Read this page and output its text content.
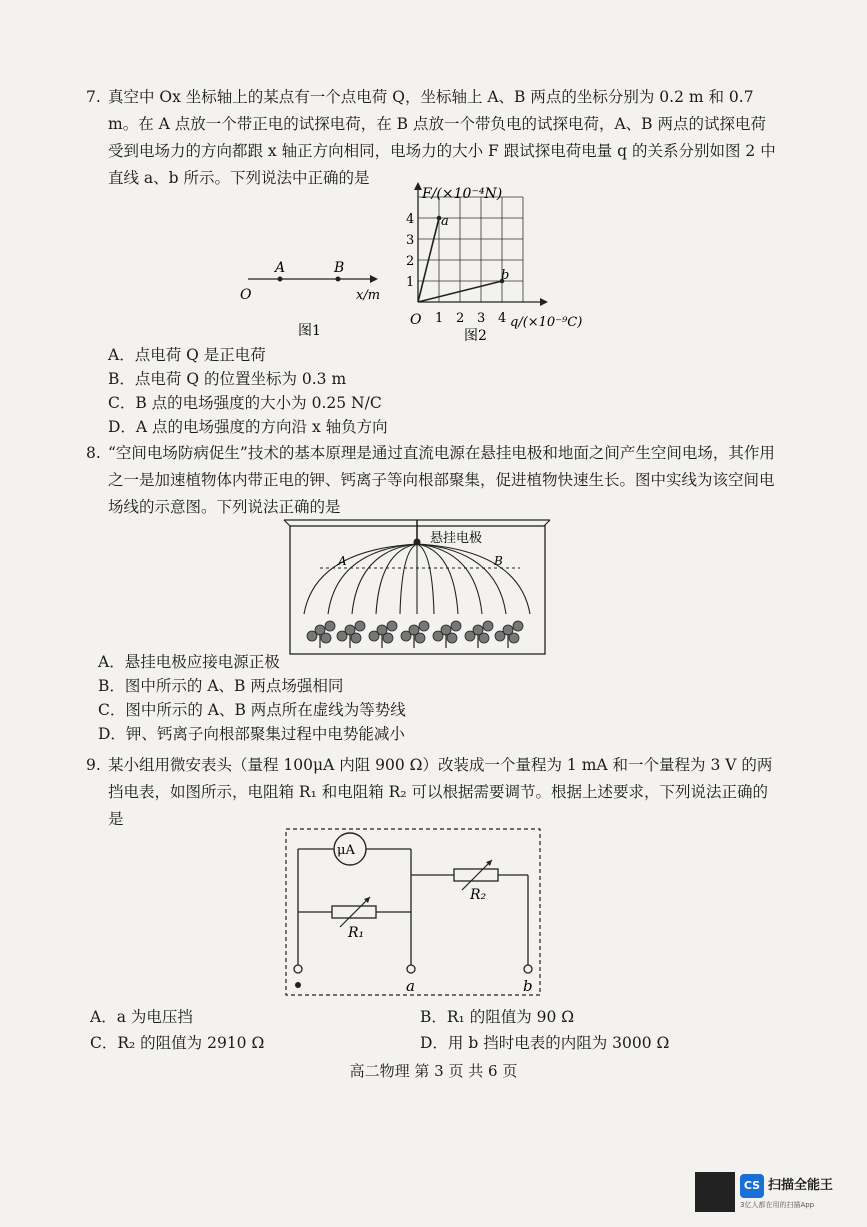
7. 真空中 Ox 坐标轴上的某点有一个点电荷 Q，坐标轴上 A、B 两点的坐标分别为 0.2 m 和 0.7 m。在 A 点放一个带正电的试探电荷，在 B 点放一个带负电的试探电荷，A、B 两点的试探电荷受到电场力的方向都跟 x 轴正方向相同，电场力的大小 F 跟试探电荷电量 q 的关系分别如图 2 中直线 a、b 所示。下列说法中正确的是
O
A	B
x/m
图1
1
2
3
4
1 2 3 4
F/(×10⁻⁴N)
q/(×10⁻⁹C)
O
a
b
图2
A．点电荷 Q 是正电荷
B．点电荷 Q 的位置坐标为 0.3 m
C．B 点的电场强度的大小为 0.25 N/C
D．A 点的电场强度的方向沿 x 轴负方向
8. “空间电场防病促生”技术的基本原理是通过直流电源在悬挂电极和地面之间产生空间电场，其作用之一是加速植物体内带正电的钾、钙离子等向根部聚集，促进植物快速生长。图中实线为该空间电场线的示意图。下列说法正确的是
悬挂电极
A	B
A．悬挂电极应接电源正极
B．图中所示的 A、B 两点场强相同
C．图中所示的 A、B 两点所在虚线为等势线
D．钾、钙离子向根部聚集过程中电势能减小
9. 某小组用微安表头（量程 100μA 内阻 900 Ω）改装成一个量程为 1 mA 和一个量程为 3 V 的两挡电表，如图所示，电阻箱 R₁ 和电阻箱 R₂ 可以根据需要调节。根据上述要求，下列说法正确的是
μA
R₁
R₂
a	b
A．a 为电压挡	B．R₁ 的阻值为 90 Ω
C．R₂ 的阻值为 2910 Ω	D．用 b 挡时电表的内阻为 3000 Ω
高二物理 第 3 页 共 6 页
CS 扫描全能王
3亿人都在用的扫描App
